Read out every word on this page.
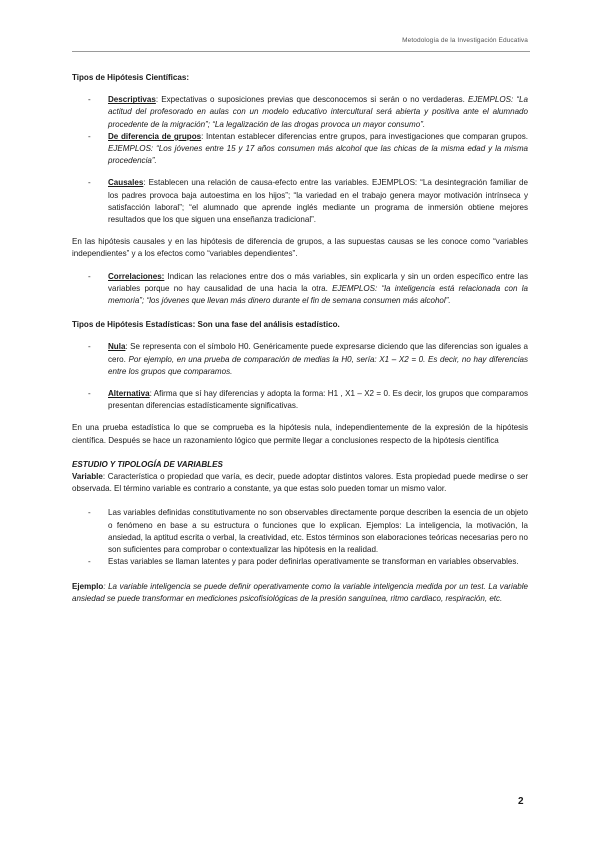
Metodología de la Investigación Educativa

Tipos de Hipótesis Científicas:

- Descriptivas: Expectativas o suposiciones previas que desconocemos si serán o no verdaderas. EJEMPLOS: “La actitud del profesorado en aulas con un modelo educativo intercultural será abierta y positiva ante el alumnado procedente de la migración”; “La legalización de las drogas provoca un mayor consumo”.
- De diferencia de grupos: Intentan establecer diferencias entre grupos, para investigaciones que comparan grupos. EJEMPLOS: “Los jóvenes entre 15 y 17 años consumen más alcohol que las chicas de la misma edad y la misma procedencia”.
- Causales: Establecen una relación de causa-efecto entre las variables. EJEMPLOS: “La desintegración familiar de los padres provoca baja autoestima en los hijos”; “la variedad en el trabajo genera mayor motivación intrínseca y satisfacción laboral”; “el alumnado que aprende inglés mediante un programa de inmersión obtiene mejores resultados que los que siguen una enseñanza tradicional”.

En las hipótesis causales y en las hipótesis de diferencia de grupos, a las supuestas causas se les conoce como “variables independientes” y a los efectos como “variables dependientes”.

- Correlaciones: Indican las relaciones entre dos o más variables, sin explicarla y sin un orden específico entre las variables porque no hay causalidad de una hacia la otra. EJEMPLOS: “la inteligencia está relacionada con la memoria”; “los jóvenes que llevan más dinero durante el fin de semana consumen más alcohol”.

Tipos de Hipótesis Estadísticas: Son una fase del análisis estadístico.

- Nula: Se representa con el símbolo H0. Genéricamente puede expresarse diciendo que las diferencias son iguales a cero. Por ejemplo, en una prueba de comparación de medias la H0, sería: X1 – X2 = 0. Es decir, no hay diferencias entre los grupos que comparamos.
- Alternativa: Afirma que sí hay diferencias y adopta la forma: H1 , X1 – X2 = 0. Es decir, los grupos que comparamos presentan diferencias estadísticamente significativas.

En una prueba estadística lo que se comprueba es la hipótesis nula, independientemente de la expresión de la hipótesis científica. Después se hace un razonamiento lógico que permite llegar a conclusiones respecto de la hipótesis científica

ESTUDIO Y TIPOLOGÍA DE VARIABLES

Variable: Característica o propiedad que varía, es decir, puede adoptar distintos valores. Esta propiedad puede medirse o ser observada. El término variable es contrario a constante, ya que estas solo pueden tomar un mismo valor.

- Las variables definidas constitutivamente no son observables directamente porque describen la esencia de un objeto o fenómeno en base a su estructura o funciones que lo explican. Ejemplos: La inteligencia, la motivación, la ansiedad, la aptitud escrita o verbal, la creatividad, etc. Estos términos son elaboraciones teóricas necesarias pero no son suficientes para comprobar o contextualizar las hipótesis en la realidad.
- Estas variables se llaman latentes y para poder definirlas operativamente se transforman en variables observables.

Ejemplo: La variable inteligencia se puede definir operativamente como la variable inteligencia medida por un test. La variable ansiedad se puede transformar en mediciones psicofisiológicas de la presión sanguínea, ritmo cardiaco, respiración, etc.

2
